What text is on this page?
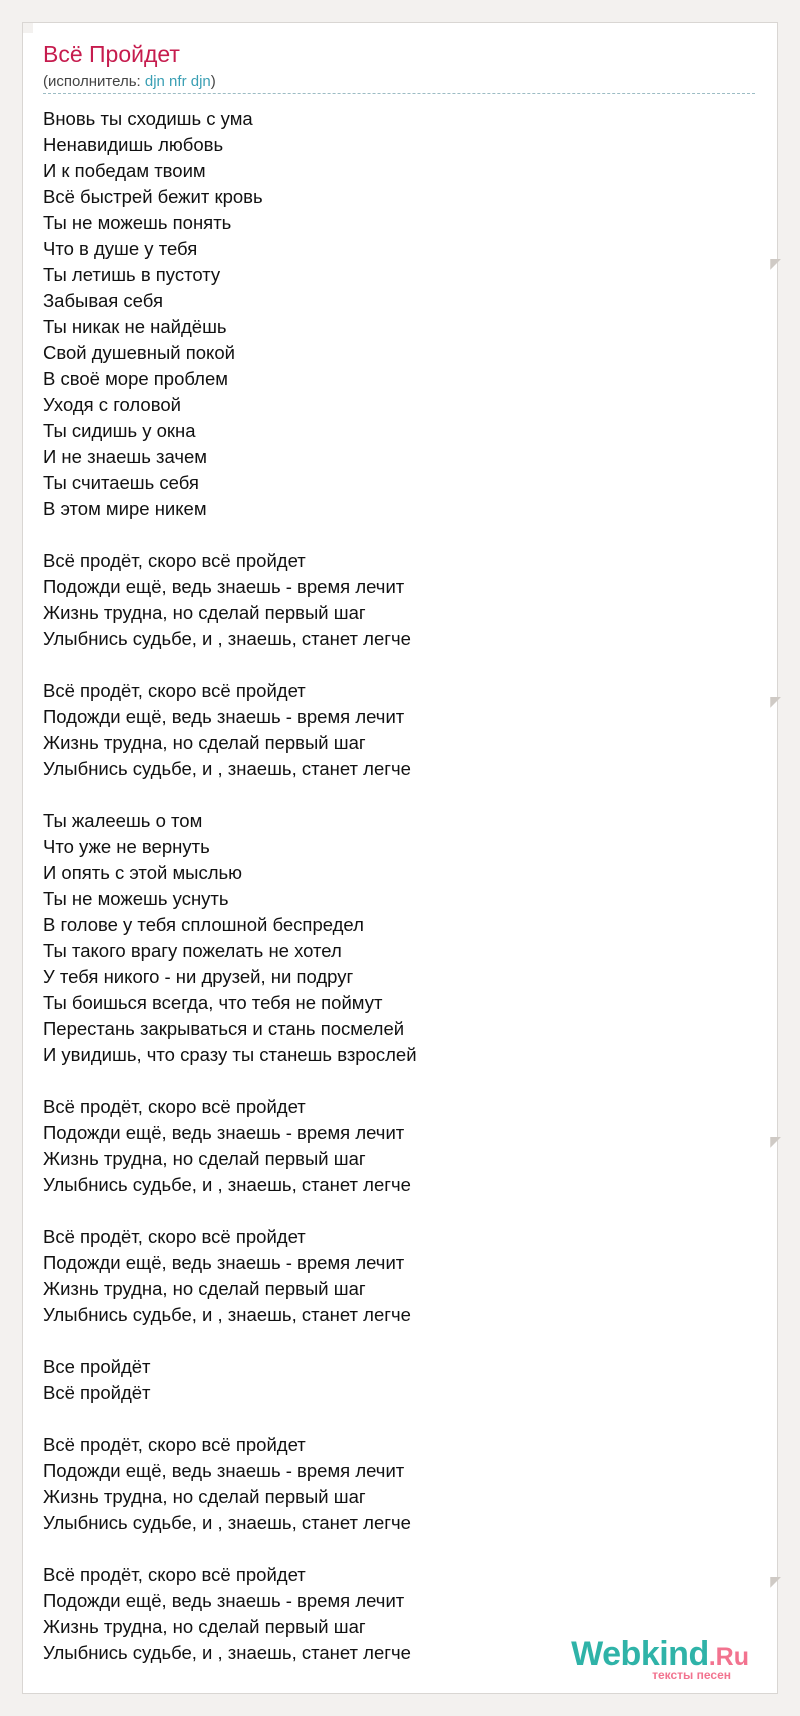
◤
◤
◤
◤
Всё Пройдет
(исполнитель: djn nfr djn)
Вновь ты сходишь с ума
Ненавидишь любовь
И к победам твоим
Всё быстрей бежит кровь
Ты не можешь понять
Что в душе у тебя
Ты летишь в пустоту
Забывая себя
Ты никак не найдёшь
Свой душевный покой
В своё море проблем
Уходя с головой
Ты сидишь у окна
И не знаешь зачем
Ты считаешь себя
В этом мире никем
Всё продёт, скоро всё пройдет
Подожди ещё, ведь знаешь - время лечит
Жизнь трудна, но сделай первый шаг
Улыбнись судьбе, и , знаешь, станет легче
Всё продёт, скоро всё пройдет
Подожди ещё, ведь знаешь - время лечит
Жизнь трудна, но сделай первый шаг
Улыбнись судьбе, и , знаешь, станет легче
Ты жалеешь о том
Что уже не вернуть
И опять с этой мыслью
Ты не можешь уснуть
В голове у тебя сплошной беспредел
Ты такого врагу пожелать не хотел
У тебя никого - ни друзей, ни подруг
Ты боишься всегда, что тебя не поймут
Перестань закрываться и стань посмелей
И увидишь, что сразу ты станешь взрослей
Всё продёт, скоро всё пройдет
Подожди ещё, ведь знаешь - время лечит
Жизнь трудна, но сделай первый шаг
Улыбнись судьбе, и , знаешь, станет легче
Всё продёт, скоро всё пройдет
Подожди ещё, ведь знаешь - время лечит
Жизнь трудна, но сделай первый шаг
Улыбнись судьбе, и , знаешь, станет легче
Все пройдёт
Всё пройдёт
Всё продёт, скоро всё пройдет
Подожди ещё, ведь знаешь - время лечит
Жизнь трудна, но сделай первый шаг
Улыбнись судьбе, и , знаешь, станет легче
Всё продёт, скоро всё пройдет
Подожди ещё, ведь знаешь - время лечит
Жизнь трудна, но сделай первый шаг
Улыбнись судьбе, и , знаешь, станет легче	Webkind.Ru
тексты песен
